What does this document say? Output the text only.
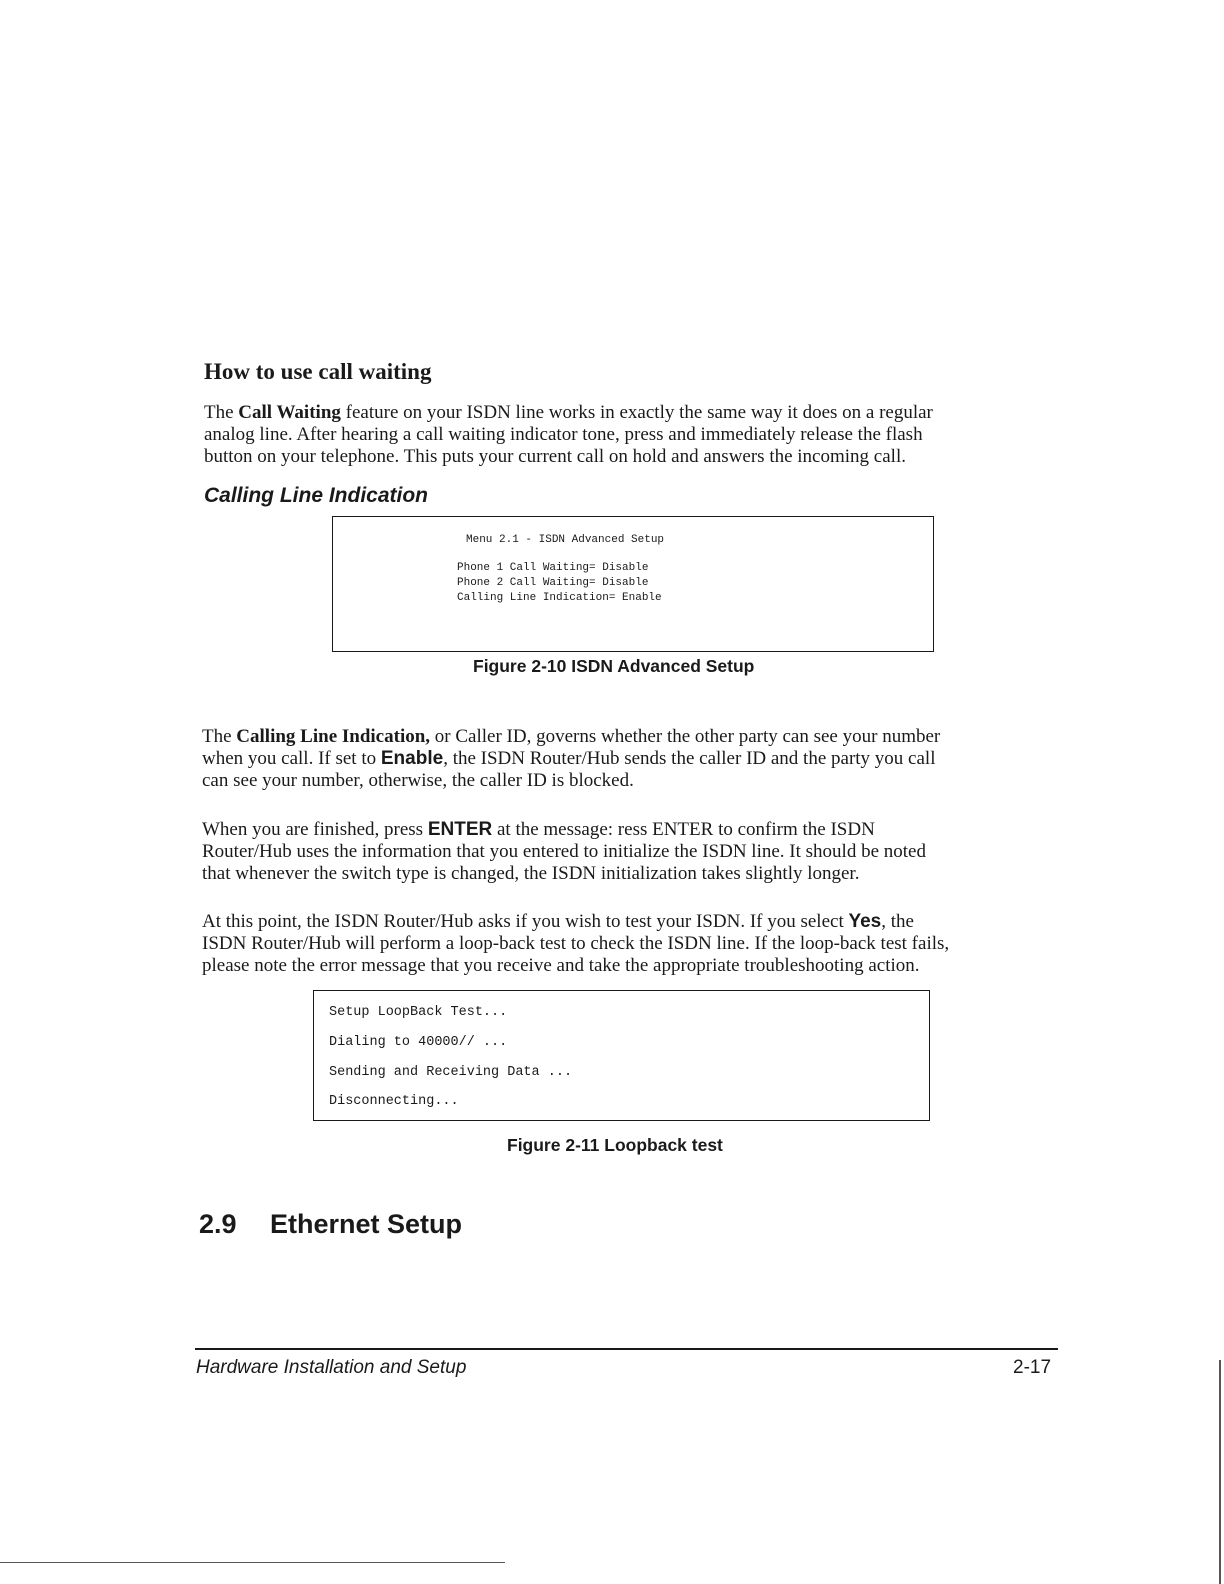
How to use call waiting

The Call Waiting feature on your ISDN line works in exactly the same way it does on a regular
analog line. After hearing a call waiting indicator tone, press and immediately release the flash
button on your telephone. This puts your current call on hold and answers the incoming call.

Calling Line Indication
Menu 2.1 - ISDN Advanced Setup
Phone 1 Call Waiting= Disable
Phone 2 Call Waiting= Disable
Calling Line Indication= Enable
Figure 2-10 ISDN Advanced Setup

The Calling Line Indication, or Caller ID, governs whether the other party can see your number
when you call. If set to Enable, the ISDN Router/Hub sends the caller ID and the party you call
can see your number, otherwise, the caller ID is blocked.

When you are finished, press ENTER at the message: ress ENTER to confirm the ISDN
Router/Hub uses the information that you entered to initialize the ISDN line. It should be noted
that whenever the switch type is changed, the ISDN initialization takes slightly longer.

At this point, the ISDN Router/Hub asks if you wish to test your ISDN. If you select Yes, the
ISDN Router/Hub will perform a loop-back test to check the ISDN line. If the loop-back test fails,
please note the error message that you receive and take the appropriate troubleshooting action.

Setup LoopBack Test...
Dialing to 40000// ...
Sending and Receiving Data ...
Disconnecting...
Figure 2-11 Loopback test
2.9 Ethernet Setup
Hardware Installation and Setup	2-17
